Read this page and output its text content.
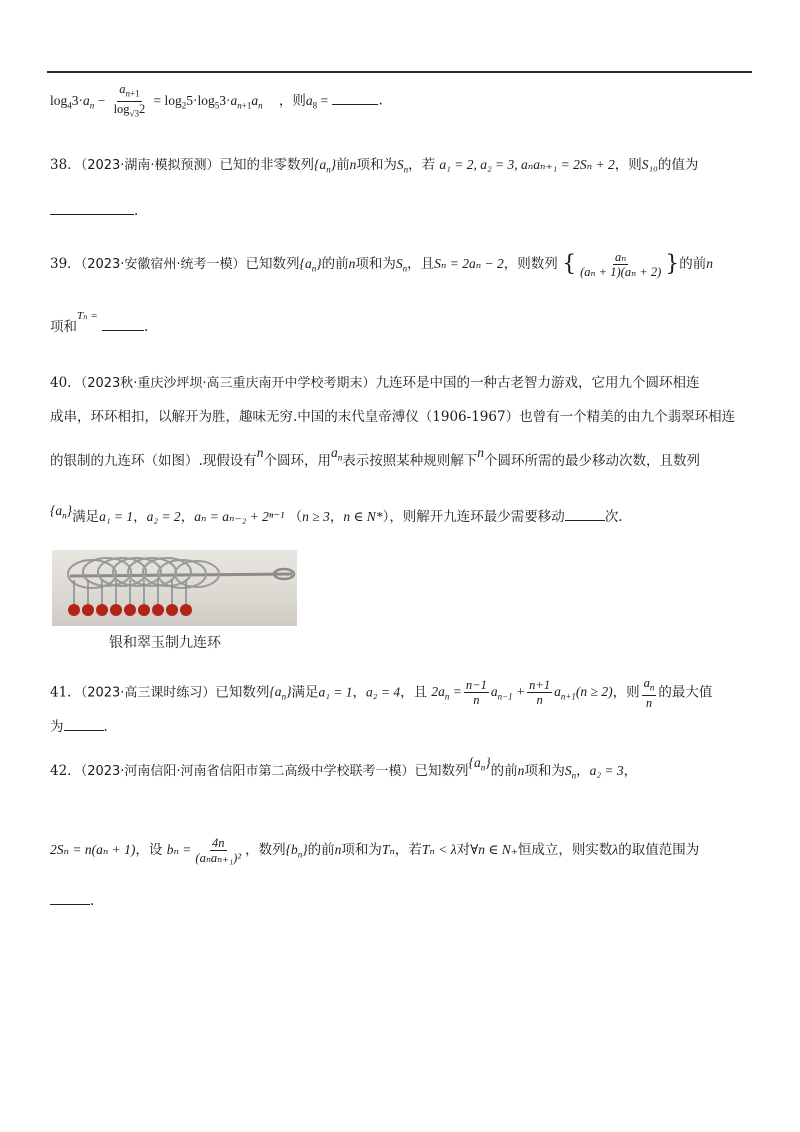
$\log_43\cdot a_n - \frac{a_{n+1}}{\log_{√3}2} = \log_25\cdot\log_53\cdot a_{n+1}a_n$ ，则$a_8$ =	.
38．（2023·湖南·模拟预测）已知的非零数列$\{a_n\}$前n项和为$S_n$，若 a₁ = 2, a₂ = 3, aₙaₙ₊₁ = 2Sₙ + 2，则S₁₀的值为
.
39．（2023·安徽宿州·统考一模）已知数列$\{a_n\}$的前n项和为$S_n$，且Sₙ = 2aₙ − 2，则数列 { $\frac{\text{aₙ}}{\text{(aₙ + 1)(aₙ + 2)}}$ }的前n
项和$^{T_n =}$ .
40．（2023秋·重庆沙坪坝·高三重庆南开中学校考期末）九连环是中国的一种古老智力游戏，它用九个圆环相连
成串，环环相扣，以解开为胜，趣味无穷.中国的末代皇帝溥仪（1906-1967）也曾有一个精美的由九个翡翠环相连
的银制的九连环（如图）.现假设有n个圆环，用$a_n$表示按照某种规则解下n个圆环所需的最少移动次数，且数列
$\{a_n\}$满足a₁ = 1，a₂ = 2，aₙ = aₙ₋₂ + 2ⁿ⁻¹ （n ≥ 3，n ∈ N*），则解开九连环最少需要移动	次.
银和翠玉制九连环
41．（2023·高三课时练习）已知数列$\{a_n\}$满足a₁ = 1，a₂ = 4，且 $2a_n = \frac{n-1}{n} a_{n-1} + \frac{n+1}{n} a_{n+1}(n \ge 2)$，则 $\frac{a_n}{n}$ 的最大值
为	.
42．（2023·河南信阳·河南省信阳市第二高级中学校联考一模）已知数列$\{a_n\}$的前n项和为$S_n$，a₂ = 3，
2Sₙ = n(aₙ + 1)，设 $b_n = \frac{4n}{\text{(aₙaₙ₊₁)²}}$ ，数列$\{b_n\}$的前n项和为Tₙ，若Tₙ < λ对∀n ∈ N₊恒成立，则实数λ的取值范围为
.
